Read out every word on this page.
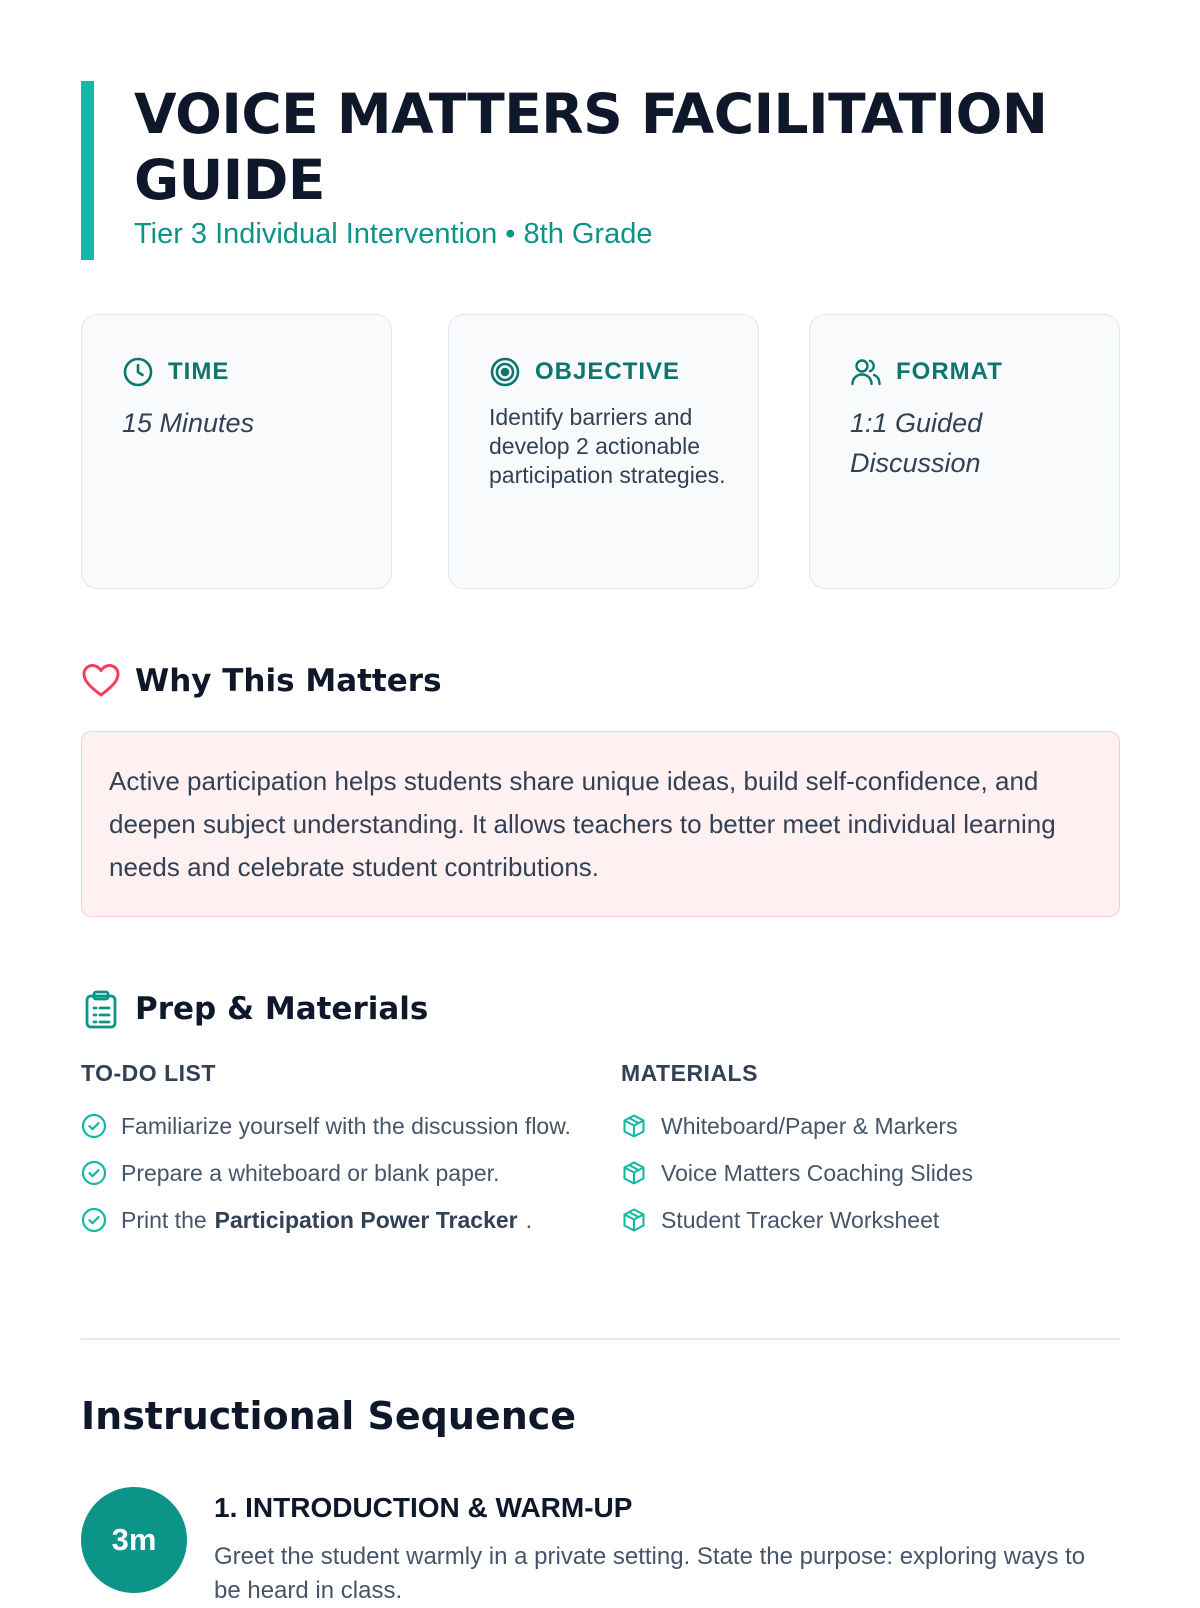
VOICE MATTERS FACILITATION GUIDE

Tier 3 Individual Intervention • 8th Grade

TIME
15 Minutes
OBJECTIVE
Identify barriers and develop 2 actionable participation strategies.
FORMAT
1:1 Guided Discussion
Why This Matters
Active participation helps students share unique ideas, build self-confidence, and deepen subject understanding. It allows teachers to better meet individual learning needs and celebrate student contributions.
Prep & Materials
TO-DO LIST
Familiarize yourself with the discussion flow.
Prepare a whiteboard or blank paper.
Print the Participation Power Tracker .
MATERIALS
Whiteboard/Paper & Markers
Voice Matters Coaching Slides
Student Tracker Worksheet
Instructional Sequence
3m
1. INTRODUCTION & WARM-UP

Greet the student warmly in a private setting. State the purpose: exploring ways to be heard in class.
